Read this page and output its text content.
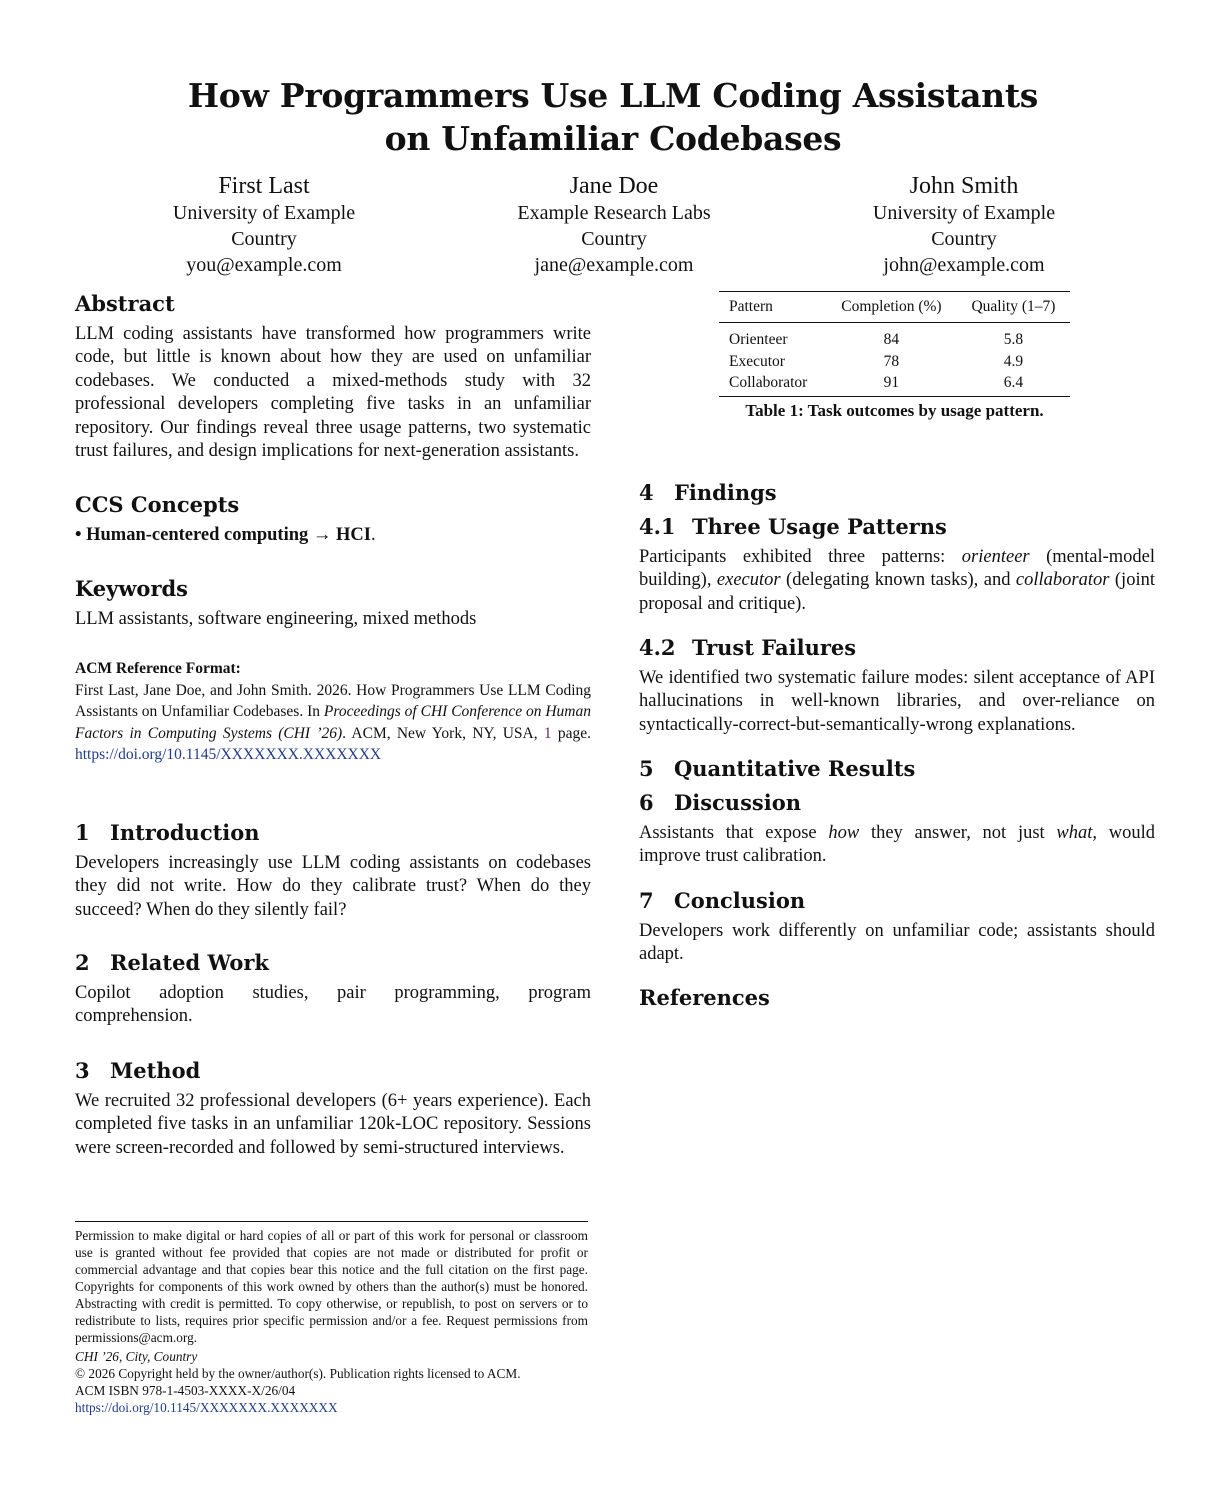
How Programmers Use LLM Coding Assistants
on Unfamiliar Codebases
First Last
University of Example
Country
you@example.com
Jane Doe
Example Research Labs
Country
jane@example.com
John Smith
University of Example
Country
john@example.com
Abstract

LLM coding assistants have transformed how programmers write code, but little is known about how they are used on unfamiliar codebases. We conducted a mixed-methods study with 32 professional developers completing five tasks in an unfamiliar repository. Our findings reveal three usage patterns, two systematic trust failures, and design implications for next-generation assistants.

CCS Concepts

• Human-centered computing → HCI.

Keywords

LLM assistants, software engineering, mixed methods

ACM Reference Format:
First Last, Jane Doe, and John Smith. 2026. How Programmers Use LLM Coding Assistants on Unfamiliar Codebases. In Proceedings of CHI Conference on Human Factors in Computing Systems (CHI ’26). ACM, New York, NY, USA, 1 page. https://doi.org/10.1145/XXXXXXX.XXXXXXX
1 Introduction

Developers increasingly use LLM coding assistants on codebases they did not write. How do they calibrate trust? When do they succeed? When do they silently fail?

2 Related Work

Copilot adoption studies, pair programming, program comprehension.

3 Method

We recruited 32 professional developers (6+ years experience). Each completed five tasks in an unfamiliar 120k-LOC repository. Sessions were screen-recorded and followed by semi-structured interviews.

Permission to make digital or hard copies of all or part of this work for personal or classroom use is granted without fee provided that copies are not made or distributed for profit or commercial advantage and that copies bear this notice and the full citation on the first page. Copyrights for components of this work owned by others than the author(s) must be honored. Abstracting with credit is permitted. To copy otherwise, or republish, to post on servers or to redistribute to lists, requires prior specific permission and/or a fee. Request permissions from permissions@acm.org.

CHI ’26, City, Country

© 2026 Copyright held by the owner/author(s). Publication rights licensed to ACM.

ACM ISBN 978-1-4503-XXXX-X/26/04

https://doi.org/10.1145/XXXXXXX.XXXXXXX

Pattern	Completion (%)	Quality (1–7)
Orienteer	84	5.8
Executor	78	4.9
Collaborator	91	6.4
Table 1: Task outcomes by usage pattern.
4 Findings
4.1 Three Usage Patterns

Participants exhibited three patterns: orienteer (mental-model building), executor (delegating known tasks), and collaborator (joint proposal and critique).

4.2 Trust Failures

We identified two systematic failure modes: silent acceptance of API hallucinations in well-known libraries, and over-reliance on syntactically-correct-but-semantically-wrong explanations.

5 Quantitative Results
6 Discussion

Assistants that expose how they answer, not just what, would improve trust calibration.

7 Conclusion

Developers work differently on unfamiliar code; assistants should adapt.

References
